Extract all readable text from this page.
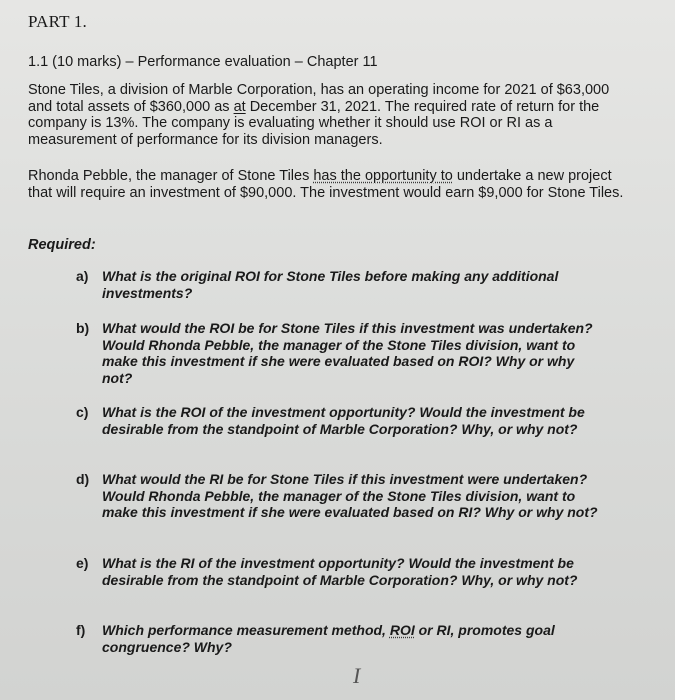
PART 1.
1.1 (10 marks) – Performance evaluation – Chapter 11
Stone Tiles, a division of Marble Corporation, has an operating income for 2021 of $63,000 and total assets of $360,000 as at December 31, 2021. The required rate of return for the company is 13%. The company is evaluating whether it should use ROI or RI as a measurement of performance for its division managers.
Rhonda Pebble, the manager of Stone Tiles has the opportunity to undertake a new project that will require an investment of $90,000. The investment would earn $9,000 for Stone Tiles.
Required:
a) What is the original ROI for Stone Tiles before making any additional investments?
b) What would the ROI be for Stone Tiles if this investment was undertaken? Would Rhonda Pebble, the manager of the Stone Tiles division, want to make this investment if she were evaluated based on ROI? Why or why not?
c) What is the ROI of the investment opportunity? Would the investment be desirable from the standpoint of Marble Corporation? Why, or why not?
d) What would the RI be for Stone Tiles if this investment were undertaken? Would Rhonda Pebble, the manager of the Stone Tiles division, want to make this investment if she were evaluated based on RI? Why or why not?
e) What is the RI of the investment opportunity? Would the investment be desirable from the standpoint of Marble Corporation? Why, or why not?
f)	Which performance measurement method, ROI or RI, promotes goal congruence? Why?
I
